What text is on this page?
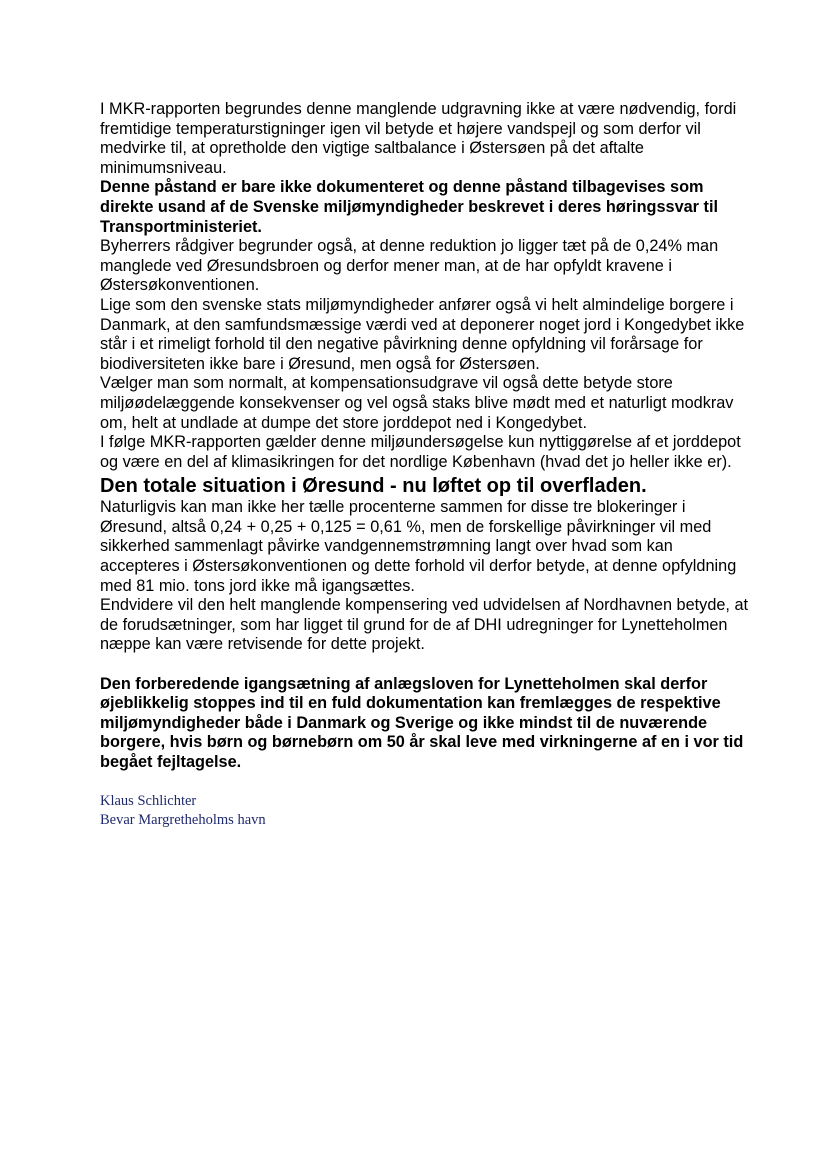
I MKR-rapporten begrundes denne manglende udgravning ikke at være nødvendig, fordi fremtidige temperaturstigninger igen vil betyde et højere vandspejl og som derfor vil medvirke til, at opretholde den vigtige saltbalance i Østersøen på det aftalte minimumsniveau.

Denne påstand er bare ikke dokumenteret og denne påstand tilbagevises som direkte usand af de Svenske miljømyndigheder beskrevet i deres høringssvar til Transportministeriet.

Byherrers rådgiver begrunder også, at denne reduktion jo ligger tæt på de 0,24% man manglede ved Øresundsbroen og derfor mener man, at de har opfyldt kravene i Østersøkonventionen.

Lige som den svenske stats miljømyndigheder anfører også vi helt almindelige borgere i Danmark, at den samfundsmæssige værdi ved at deponerer noget jord i Kongedybet ikke står i et rimeligt forhold til den negative påvirkning denne opfyldning vil forårsage for biodiversiteten ikke bare i Øresund, men også for Østersøen.

Vælger man som normalt, at kompensationsudgrave vil også dette betyde store miljøødelæggende konsekvenser og vel også staks blive mødt med et naturligt modkrav om, helt at undlade at dumpe det store jorddepot ned i Kongedybet.

I følge MKR-rapporten gælder denne miljøundersøgelse kun nyttiggørelse af et jorddepot og være en del af klimasikringen for det nordlige København (hvad det jo heller ikke er).

Den totale situation i Øresund - nu løftet op til overfladen.

Naturligvis kan man ikke her tælle procenterne sammen for disse tre blokeringer i Øresund, altså 0,24 + 0,25 + 0,125 = 0,61 %, men de forskellige påvirkninger vil med sikkerhed sammenlagt påvirke vandgennemstrømning langt over hvad som kan accepteres i Østersøkonventionen og dette forhold vil derfor betyde, at denne opfyldning med 81 mio. tons jord ikke må igangsættes.

Endvidere vil den helt manglende kompensering ved udvidelsen af Nordhavnen betyde, at de forudsætninger, som har ligget til grund for de af DHI udregninger for Lynetteholmen næppe kan være retvisende for dette projekt.

Den forberedende igangsætning af anlægsloven for Lynetteholmen skal derfor øjeblikkelig stoppes ind til en fuld dokumentation kan fremlægges de respektive miljømyndigheder både i Danmark og Sverige og ikke mindst til de nuværende borgere, hvis børn og børnebørn om 50 år skal leve med virkningerne af en i vor tid begået fejltagelse.

Klaus Schlichter

Bevar Margretheholms havn
